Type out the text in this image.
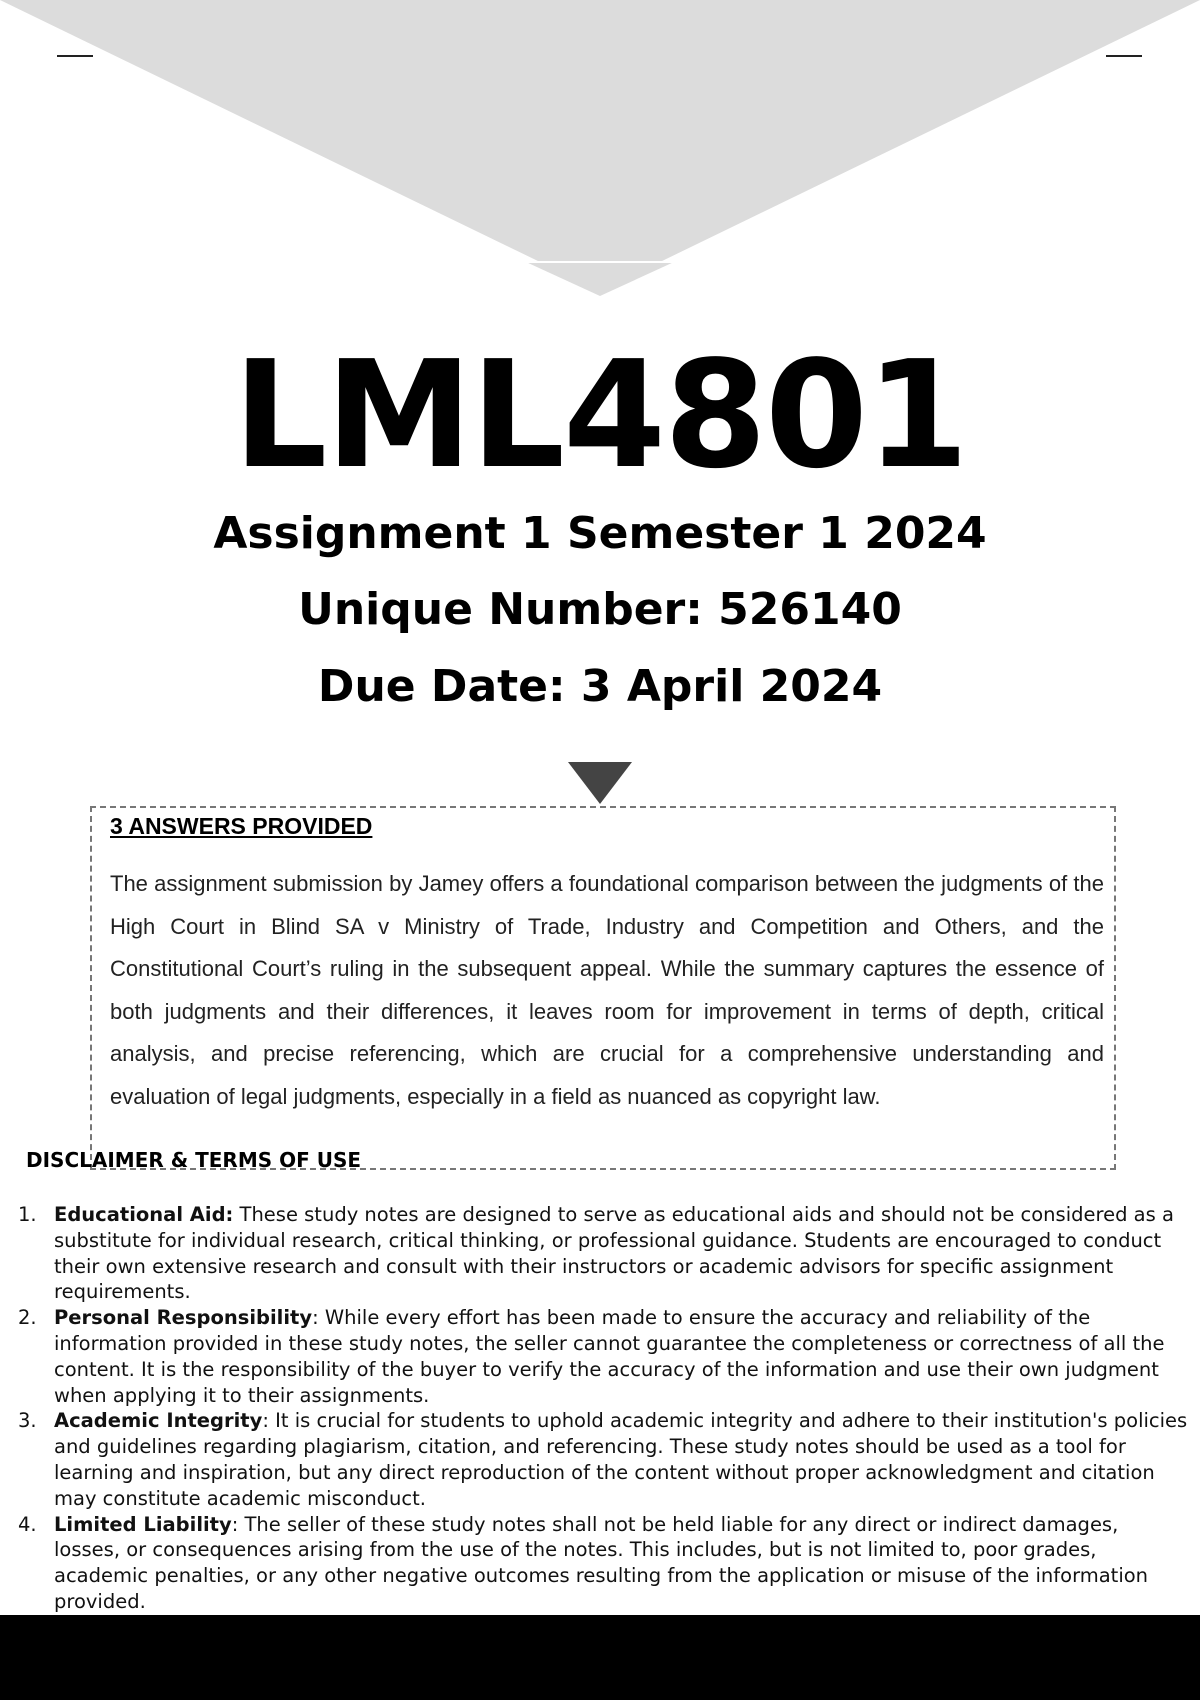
LML4801
Assignment 1 Semester 1 2024
Unique Number: 526140
Due Date: 3 April 2024
3 ANSWERS PROVIDED
The assignment submission by Jamey offers a foundational comparison between the judgments of the High Court in Blind SA v Ministry of Trade, Industry and Competition and Others, and the Constitutional Court’s ruling in the subsequent appeal. While the summary captures the essence of both judgments and their differences, it leaves room for improvement in terms of depth, critical analysis, and precise referencing, which are crucial for a comprehensive understanding and evaluation of legal judgments, especially in a field as nuanced as copyright law.
DISCLAIMER & TERMS OF USE
1. Educational Aid: These study notes are designed to serve as educational aids and should not be considered as a substitute for individual research, critical thinking, or professional guidance. Students are encouraged to conduct their own extensive research and consult with their instructors or academic advisors for specific assignment requirements.
2. Personal Responsibility: While every effort has been made to ensure the accuracy and reliability of the information provided in these study notes, the seller cannot guarantee the completeness or correctness of all the content. It is the responsibility of the buyer to verify the accuracy of the information and use their own judgment when applying it to their assignments.
3. Academic Integrity: It is crucial for students to uphold academic integrity and adhere to their institution's policies and guidelines regarding plagiarism, citation, and referencing. These study notes should be used as a tool for learning and inspiration, but any direct reproduction of the content without proper acknowledgment and citation may constitute academic misconduct.
4. Limited Liability: The seller of these study notes shall not be held liable for any direct or indirect damages, losses, or consequences arising from the use of the notes. This includes, but is not limited to, poor grades, academic penalties, or any other negative outcomes resulting from the application or misuse of the information provided.
